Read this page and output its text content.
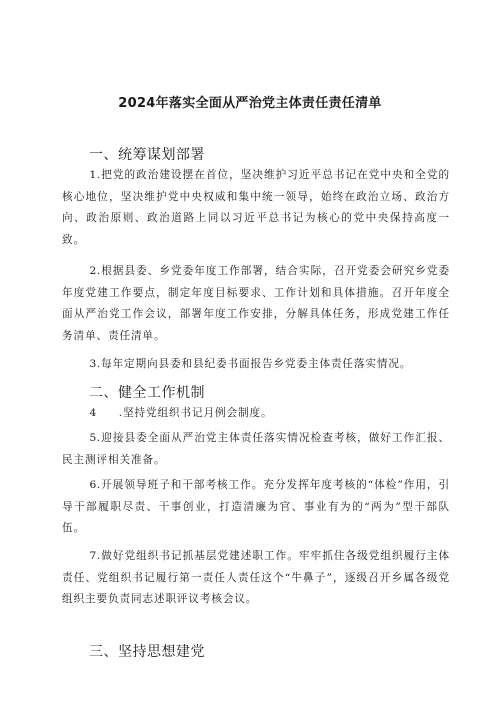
2024年落实全面从严治党主体责任责任清单
一、统筹谋划部署

1.把党的政治建设摆在首位，坚决维护习近平总书记在党中央和全党的核心地位，坚决维护党中央权威和集中统一领导，始终在政治立场、政治方向、政治原则、政治道路上同以习近平总书记为核心的党中央保持高度一致。

2.根据县委、乡党委年度工作部署，结合实际，召开党委会研究乡党委年度党建工作要点，制定年度目标要求、工作计划和具体措施。召开年度全面从严治党工作会议，部署年度工作安排，分解具体任务，形成党建工作任务清单、责任清单。

3.每年定期向县委和县纪委书面报告乡党委主体责任落实情况。

二、健全工作机制

4 .坚持党组织书记月例会制度。

5.迎接县委全面从严治党主体责任落实情况检查考核，做好工作汇报、民主测评相关准备。

6.开展领导班子和干部考核工作。充分发挥年度考核的“体检”作用，引导干部履职尽责、干事创业，打造清廉为官、事业有为的“两为”型干部队伍。

7.做好党组织书记抓基层党建述职工作。牢牢抓住各级党组织履行主体责任、党组织书记履行第一责任人责任这个“牛鼻子”，逐级召开乡属各级党组织主要负责同志述职评议考核会议。

三、坚持思想建党
